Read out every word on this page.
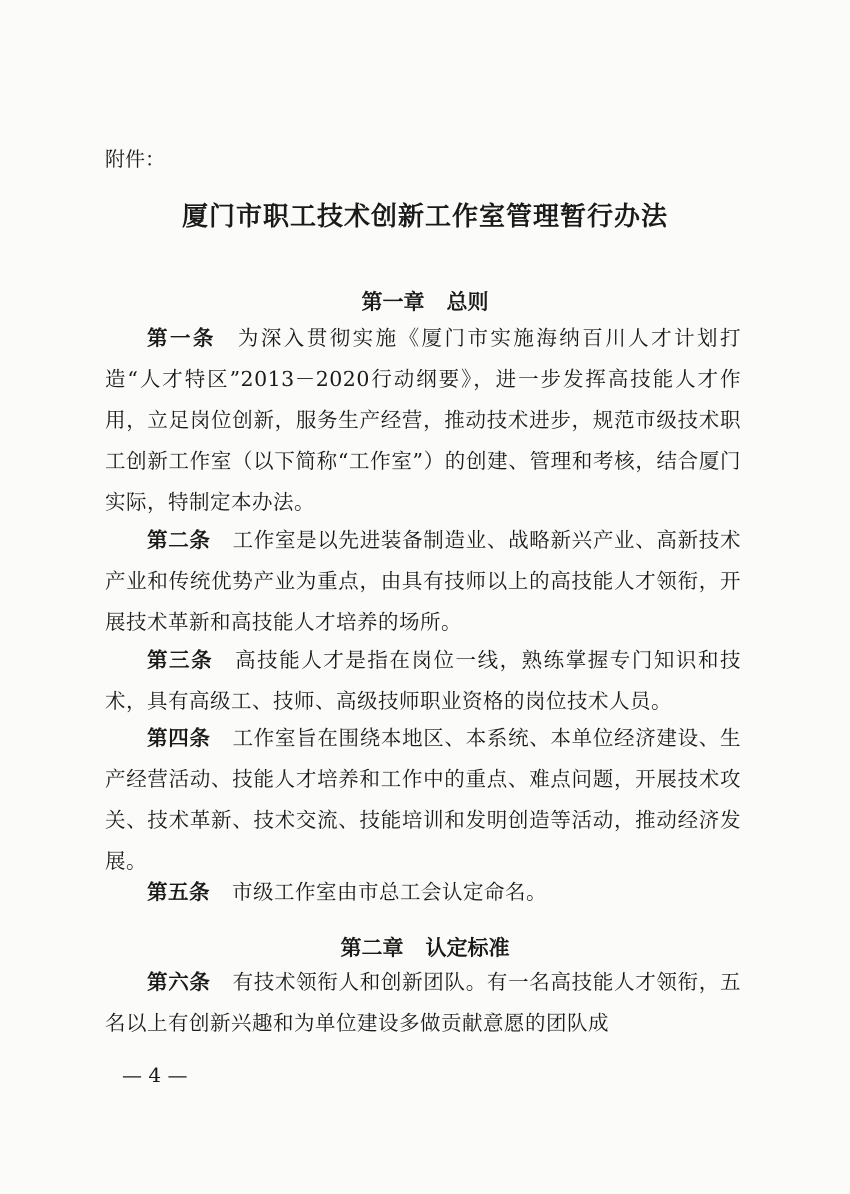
附件：
厦门市职工技术创新工作室管理暂行办法
第一章 总则
第一条 为深入贯彻实施《厦门市实施海纳百川人才计划打造“人才特区”2013－2020行动纲要》，进一步发挥高技能人才作用，立足岗位创新，服务生产经营，推动技术进步，规范市级技术职工创新工作室（以下简称“工作室”）的创建、管理和考核，结合厦门实际，特制定本办法。
第二条 工作室是以先进装备制造业、战略新兴产业、高新技术产业和传统优势产业为重点，由具有技师以上的高技能人才领衔，开展技术革新和高技能人才培养的场所。
第三条 高技能人才是指在岗位一线，熟练掌握专门知识和技术，具有高级工、技师、高级技师职业资格的岗位技术人员。
第四条 工作室旨在围绕本地区、本系统、本单位经济建设、生产经营活动、技能人才培养和工作中的重点、难点问题，开展技术攻关、技术革新、技术交流、技能培训和发明创造等活动，推动经济发展。
第五条 市级工作室由市总工会认定命名。
第二章 认定标准
第六条 有技术领衔人和创新团队。有一名高技能人才领衔，五名以上有创新兴趣和为单位建设多做贡献意愿的团队成
— 4 —
